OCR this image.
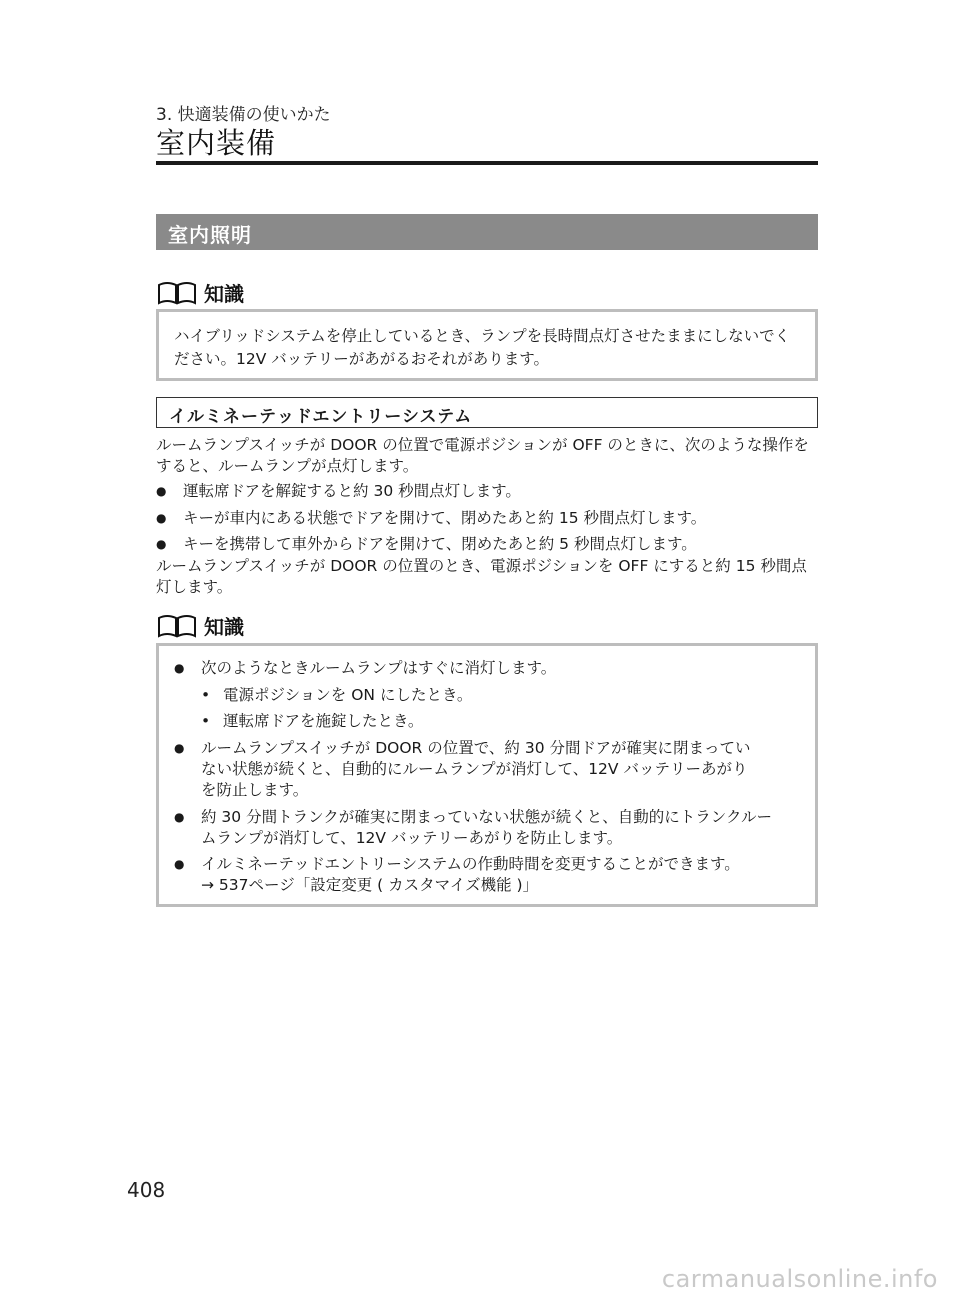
3. 快適装備の使いかた
室内装備
室内照明
知識

ハイブリッドシステムを停止しているとき、ランプを長時間点灯させたままにしないでください。12V バッテリーがあがるおそれがあります。

イルミネーテッドエントリーシステム
ルームランプスイッチが DOOR の位置で電源ポジションが OFF のときに、次のような操作をすると、ルームランプが点灯します。
● 運転席ドアを解錠すると約 30 秒間点灯します。
● キーが車内にある状態でドアを開けて、閉めたあと約 15 秒間点灯します。
● キーを携帯して車外からドアを開けて、閉めたあと約 5 秒間点灯します。
ルームランプスイッチが DOOR の位置のとき、電源ポジションを OFF にすると約 15 秒間点灯します。
知識
● 次のようなときルームランプはすぐに消灯します。
• 電源ポジションを ON にしたとき。
• 運転席ドアを施錠したとき。
● ルームランプスイッチが DOOR の位置で、約 30 分間ドアが確実に閉まってい
ない状態が続くと、自動的にルームランプが消灯して、12V バッテリーあがり
を防止します。
● 約 30 分間トランクが確実に閉まっていない状態が続くと、自動的にトランクルー
ムランプが消灯して、12V バッテリーあがりを防止します。
● イルミネーテッドエントリーシステムの作動時間を変更することができます。
→ 537ページ「設定変更 ( カスタマイズ機能 )」
408
carmanualsonline.info
